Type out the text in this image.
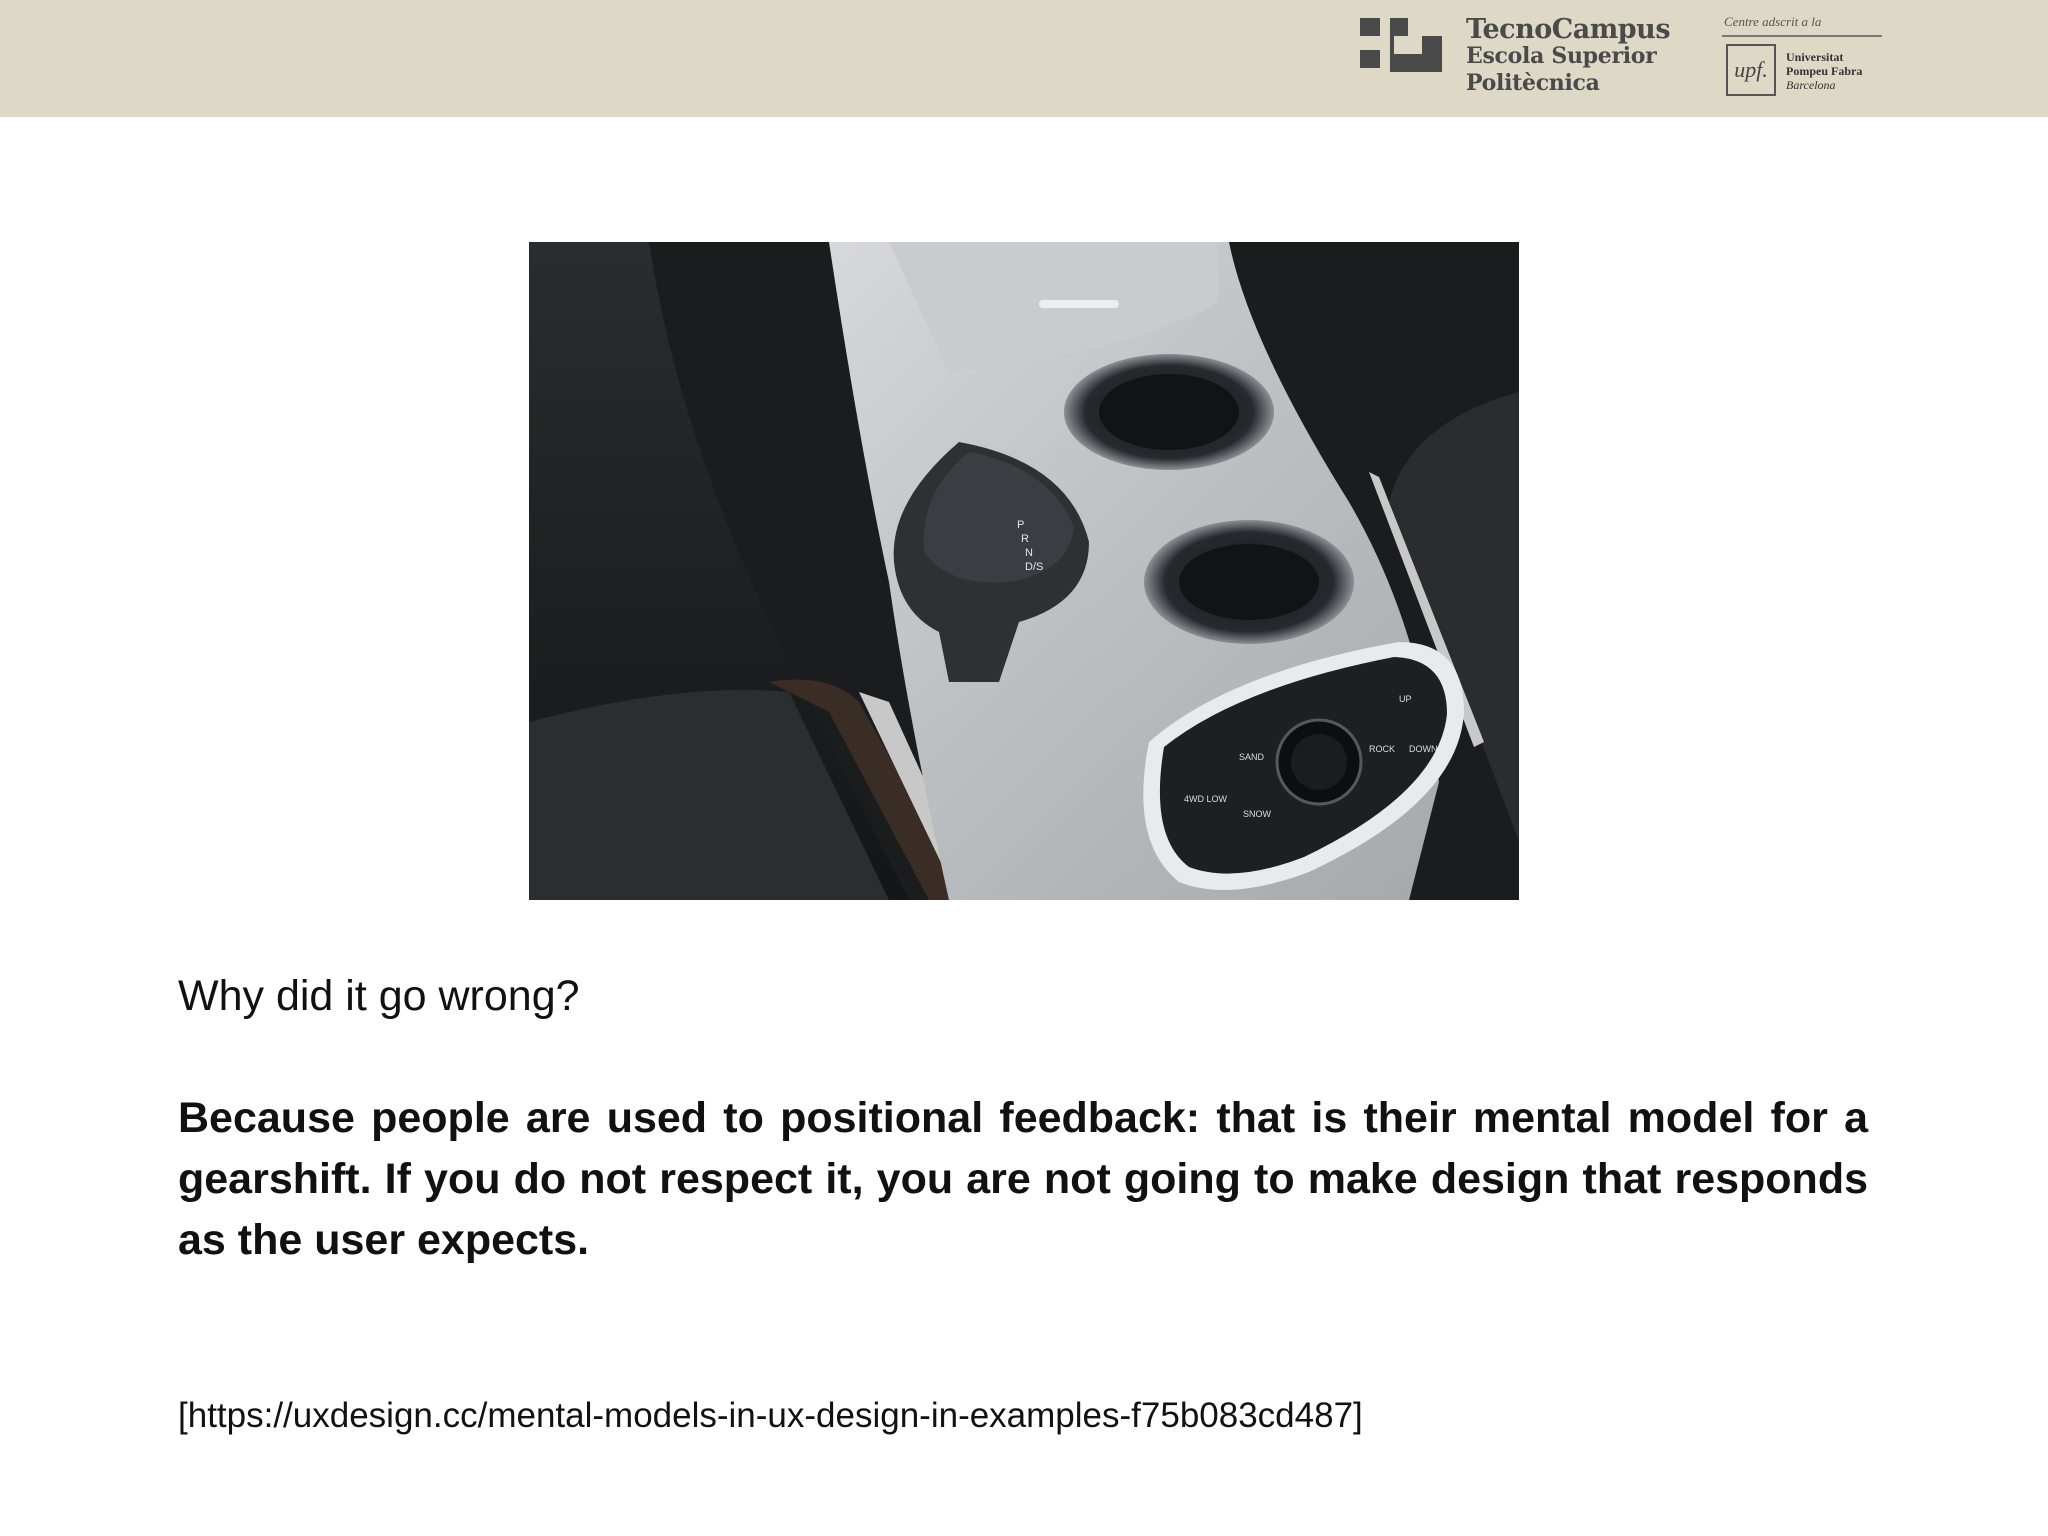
TecnoCampus
Escola Superior
Politècnica
Centre adscrit a la
upf.	Universitat
Pompeu Fabra
Barcelona
P
R
N
D/S
SAND
ROCK
SNOW
4WD LOW
UP
DOWN
Why did it go wrong?
Because people are used to positional feedback: that is their mental model for a gearshift. If you do not respect it, you are not going to make design that responds as the user expects.
[https://uxdesign.cc/mental-models-in-ux-design-in-examples-f75b083cd487]
